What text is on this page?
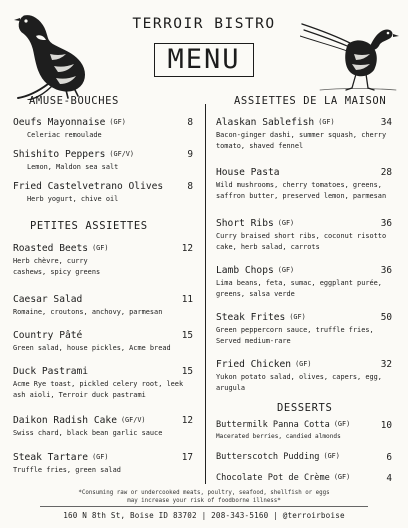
TERROIR BISTRO
MENU
AMUSE-BOUCHES
Oeufs Mayonnaise (GF)	8
Celeriac remoulade
Shishito Peppers (GF/V)	9
Lemon, Maldon sea salt
Fried Castelvetrano Olives	8
Herb yogurt, chive oil
PETITES ASSIETTES
Roasted Beets (GF)	12
Herb chèvre, curry cashews, spicy greens
Caesar Salad	11
Romaine, croutons, anchovy, parmesan
Country Pâté	15
Green salad, house pickles, Acme bread
Duck Pastrami	15
Acme Rye toast, pickled celery root, leek ash aioli, Terroir duck pastrami
Daikon Radish Cake (GF/V)	12
Swiss chard, black bean garlic sauce
Steak Tartare (GF)	17
Truffle fries, green salad
ASSIETTES DE LA MAISON
Alaskan Sablefish (GF)	34
Bacon-ginger dashi, summer squash, cherry tomato, shaved fennel
House Pasta	28
Wild mushrooms, cherry tomatoes, greens, saffron butter, preserved lemon, parmesan
Short Ribs (GF)	36
Curry braised short ribs, coconut risotto cake, herb salad, carrots
Lamb Chops (GF)	36
Lima beans, feta, sumac, eggplant purée, greens, salsa verde
Steak Frites (GF)	50
Green peppercorn sauce, truffle fries, Served medium-rare
Fried Chicken (GF)	32
Yukon potato salad, olives, capers, egg, arugula
DESSERTS
Buttermilk Panna Cotta (GF)	10
Macerated berries, candied almonds
Butterscotch Pudding (GF)	6
Chocolate Pot de Crème (GF)	4
*Consuming raw or undercooked meats, poultry, seafood, shellfish or eggs
may increase your risk of foodborne illness*
160 N 8th St, Boise ID 83702 | 208-343-5160 | @terroirboise
